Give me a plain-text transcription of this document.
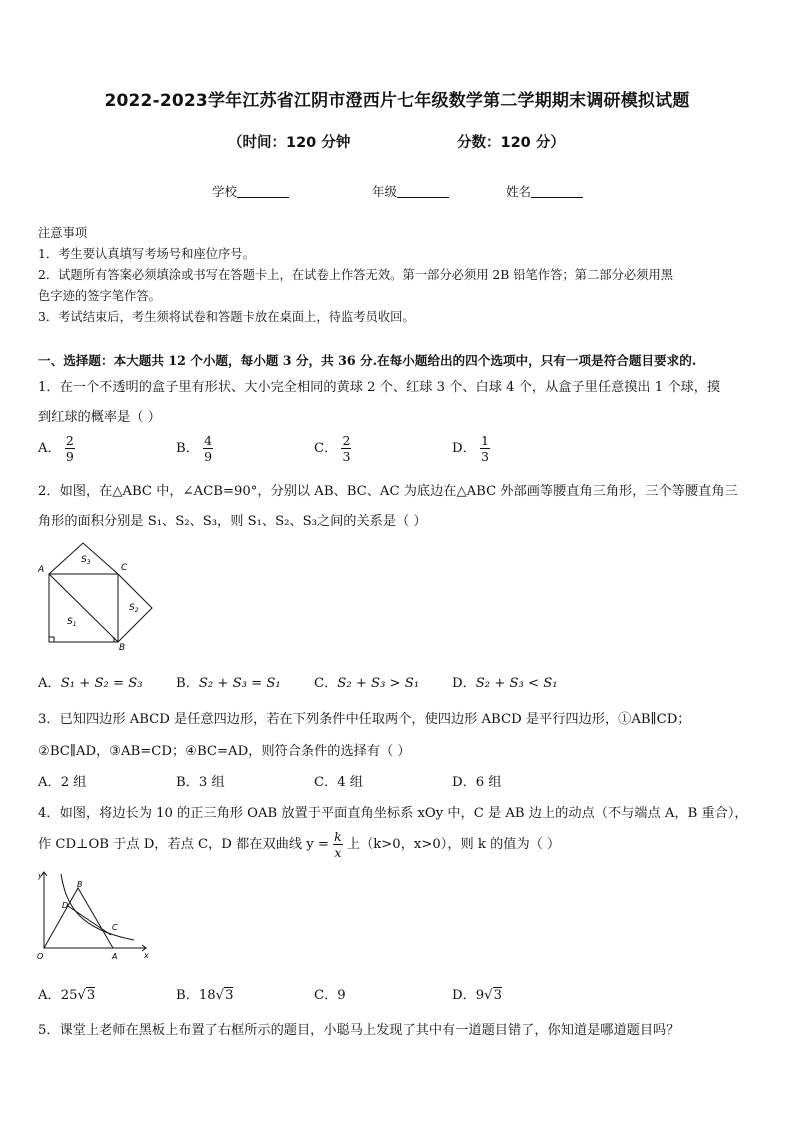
2022-2023学年江苏省江阴市澄西片七年级数学第二学期期末调研模拟试题
（时间：120 分钟	分数：120 分）
学校	年级	姓名
注意事项
1．考生要认真填写考场号和座位序号。
2．试题所有答案必须填涂或书写在答题卡上，在试卷上作答无效。第一部分必须用 2B 铅笔作答；第二部分必须用黑
色字迹的签字笔作答。
3．考试结束后，考生须将试卷和答题卡放在桌面上，待监考员收回。
一、选择题：本大题共 12 个小题，每小题 3 分，共 36 分.在每小题给出的四个选项中，只有一项是符合题目要求的.
1．在一个不透明的盒子里有形状、大小完全相同的黄球 2 个、红球 3 个、白球 4 个，从盒子里任意摸出 1 个球，摸
到红球的概率是（ ）
A． $\frac{2}{9}$	B． $\frac{4}{9}$	C． $\frac{2}{3}$	D． $\frac{1}{3}$
2．如图，在△ABC 中，∠ACB=90°，分别以 AB、BC、AC 为底边在△ABC 外部画等腰直角三角形，三个等腰直角三
角形的面积分别是 S₁、S₂、S₃，则 S₁、S₂、S₃之间的关系是（ ）
A	C
B
$S_3$
$S_2$
$S_1$
A．S₁ + S₂ = S₃	B．S₂ + S₃ = S₁	C．S₂ + S₃ > S₁ D．S₂ + S₃ < S₁
3．已知四边形 ABCD 是任意四边形，若在下列条件中任取两个，使四边形 ABCD 是平行四边形，①AB∥CD；
②BC∥AD，③AB=CD；④BC=AD，则符合条件的选择有（ ）
A．2 组	B．3 组	C．4 组	D．6 组
4．如图，将边长为 10 的正三角形 OAB 放置于平面直角坐标系 xOy 中，C 是 AB 边上的动点（不与端点 A，B 重合），
作 CD⊥OB 于点 D，若点 C，D 都在双曲线 $y = \frac{k}{x}$ 上（k>0，x>0），则 k 的值为（ ）
y
x
O	A
B
D
C
A．25√3	B．18√3	C．9	D．9√3
5．课堂上老师在黑板上布置了右框所示的题目，小聪马上发现了其中有一道题目错了，你知道是哪道题目吗？
